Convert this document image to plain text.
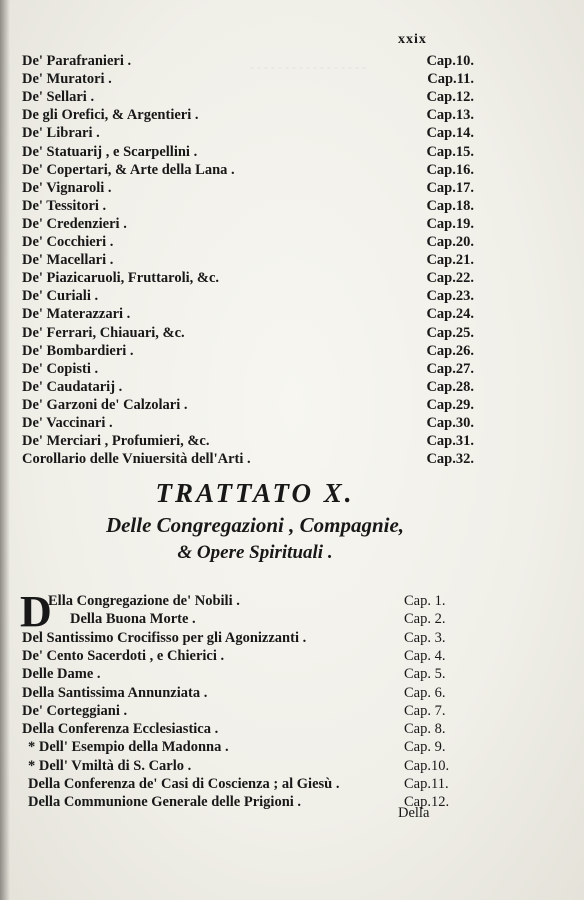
- - - - - - - - - - - - - - - - -
xxix
De' Parafranieri .	Cap.10.
De' Muratori .	Cap.11.
De' Sellari .	Cap.12.
De gli Orefici, & Argentieri .	Cap.13.
De' Librari .	Cap.14.
De' Statuarij , e Scarpellini .	Cap.15.
De' Copertari, & Arte della Lana .	Cap.16.
De' Vignaroli .	Cap.17.
De' Tessitori .	Cap.18.
De' Credenzieri .	Cap.19.
De' Cocchieri .	Cap.20.
De' Macellari .	Cap.21.
De' Piazicaruoli, Fruttaroli, &c.	Cap.22.
De' Curiali .	Cap.23.
De' Materazzari .	Cap.24.
De' Ferrari, Chiauari, &c.	Cap.25.
De' Bombardieri .	Cap.26.
De' Copisti .	Cap.27.
De' Caudatarij .	Cap.28.
De' Garzoni de' Calzolari .	Cap.29.
De' Vaccinari .	Cap.30.
De' Merciari , Profumieri, &c.	Cap.31.
Corollario delle Vniuersità dell'Arti .	Cap.32.
TRATTATO X.
Delle Congregazioni , Compagnie,
& Opere Spirituali .
D
Ella Congregazione de' Nobili .	Cap. 1.
Della Buona Morte .	Cap. 2.
Del Santissimo Crocifisso per gli Agonizzanti .	Cap. 3.
De' Cento Sacerdoti , e Chierici .	Cap. 4.
Delle Dame .	Cap. 5.
Della Santissima Annunziata .	Cap. 6.
De' Corteggiani .	Cap. 7.
Della Conferenza Ecclesiastica .	Cap. 8.
* Dell' Esempio della Madonna .	Cap. 9.
* Dell' Vmiltà di S. Carlo .	Cap.10.
Della Conferenza de' Casi di Coscienza ; al Giesù .	Cap.11.
Della Communione Generale delle Prigioni .	Cap.12.
Della
